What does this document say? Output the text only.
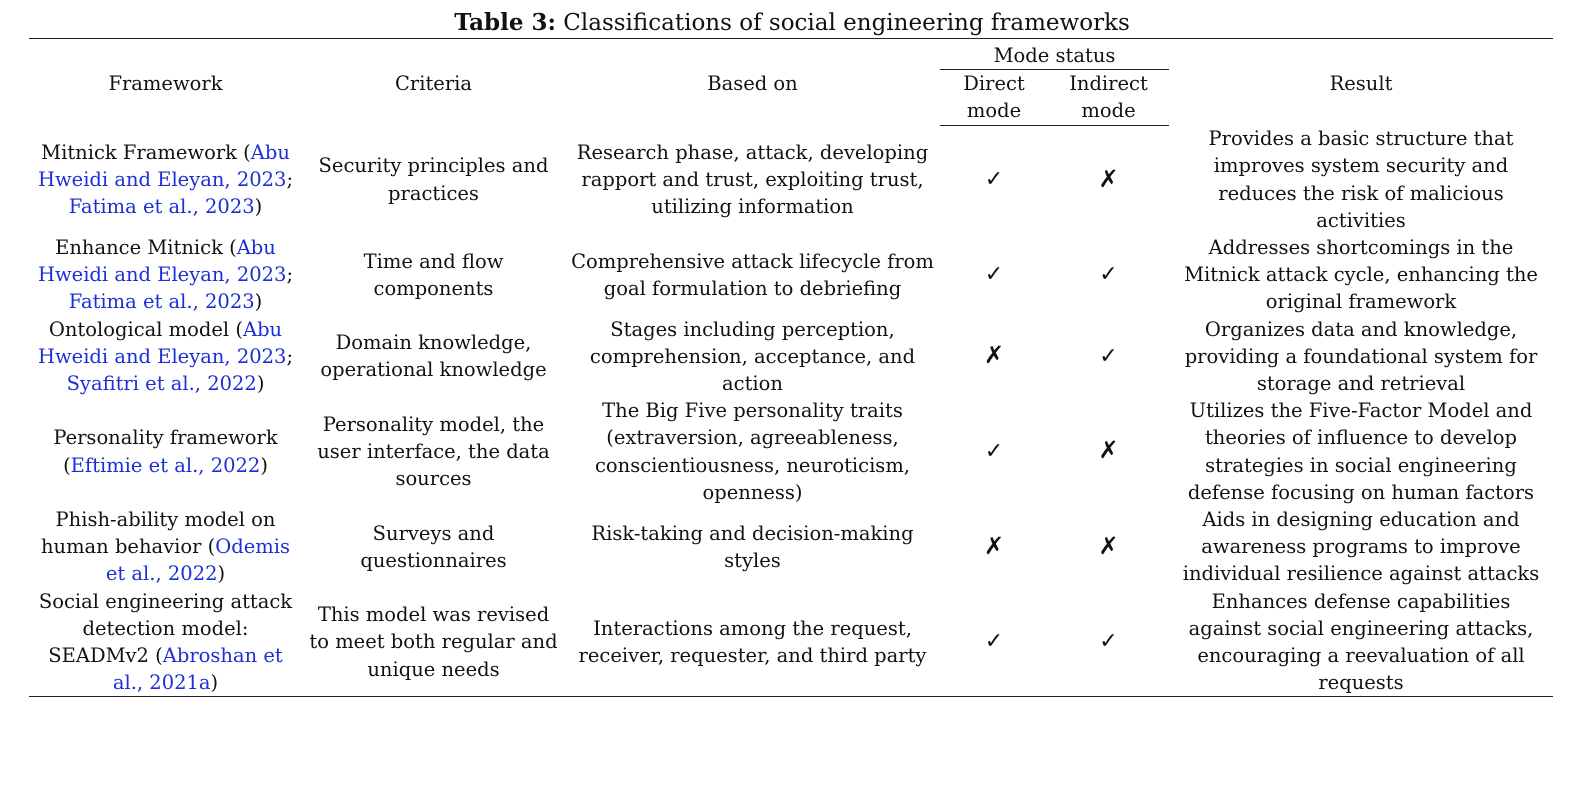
Table 3: Classifications of social engineering frameworks
Framework	Criteria	Based on	Mode status		Result
			Direct mode	Indirect mode	
Mitnick Framework (Abu Hweidi and Eleyan, 2023; Fatima et al., 2023)	Security principles and practices	Research phase, attack, developing rapport and trust, exploiting trust, utilizing information	✓	✗	Provides a basic structure that improves system security and reduces the risk of malicious activities
Enhance Mitnick (Abu Hweidi and Eleyan, 2023; Fatima et al., 2023)	Time and flow components	Comprehensive attack lifecycle from goal formulation to debriefing	✓	✓	Addresses shortcomings in the Mitnick attack cycle, enhancing the original framework
Ontological model (Abu Hweidi and Eleyan, 2023; Syafitri et al., 2022)	Domain knowledge, operational knowledge	Stages including perception, comprehension, acceptance, and action	✗	✓	Organizes data and knowledge, providing a foundational system for storage and retrieval
Personality framework (Eftimie et al., 2022)	Personality model, the user interface, the data sources	The Big Five personality traits (extraversion, agreeableness, conscientiousness, neuroticism, openness)	✓	✗	Utilizes the Five-Factor Model and theories of influence to develop strategies in social engineering defense focusing on human factors
Phish-ability model on human behavior (Odemis et al., 2022)	Surveys and questionnaires	Risk-taking and decision-making styles	✗	✗	Aids in designing education and awareness programs to improve individual resilience against attacks
Social engineering attack detection model: SEADMv2 (Abroshan et al., 2021a)	This model was revised to meet both regular and unique needs	Interactions among the request, receiver, requester, and third party	✓	✓	Enhances defense capabilities against social engineering attacks, encouraging a reevaluation of all requests
